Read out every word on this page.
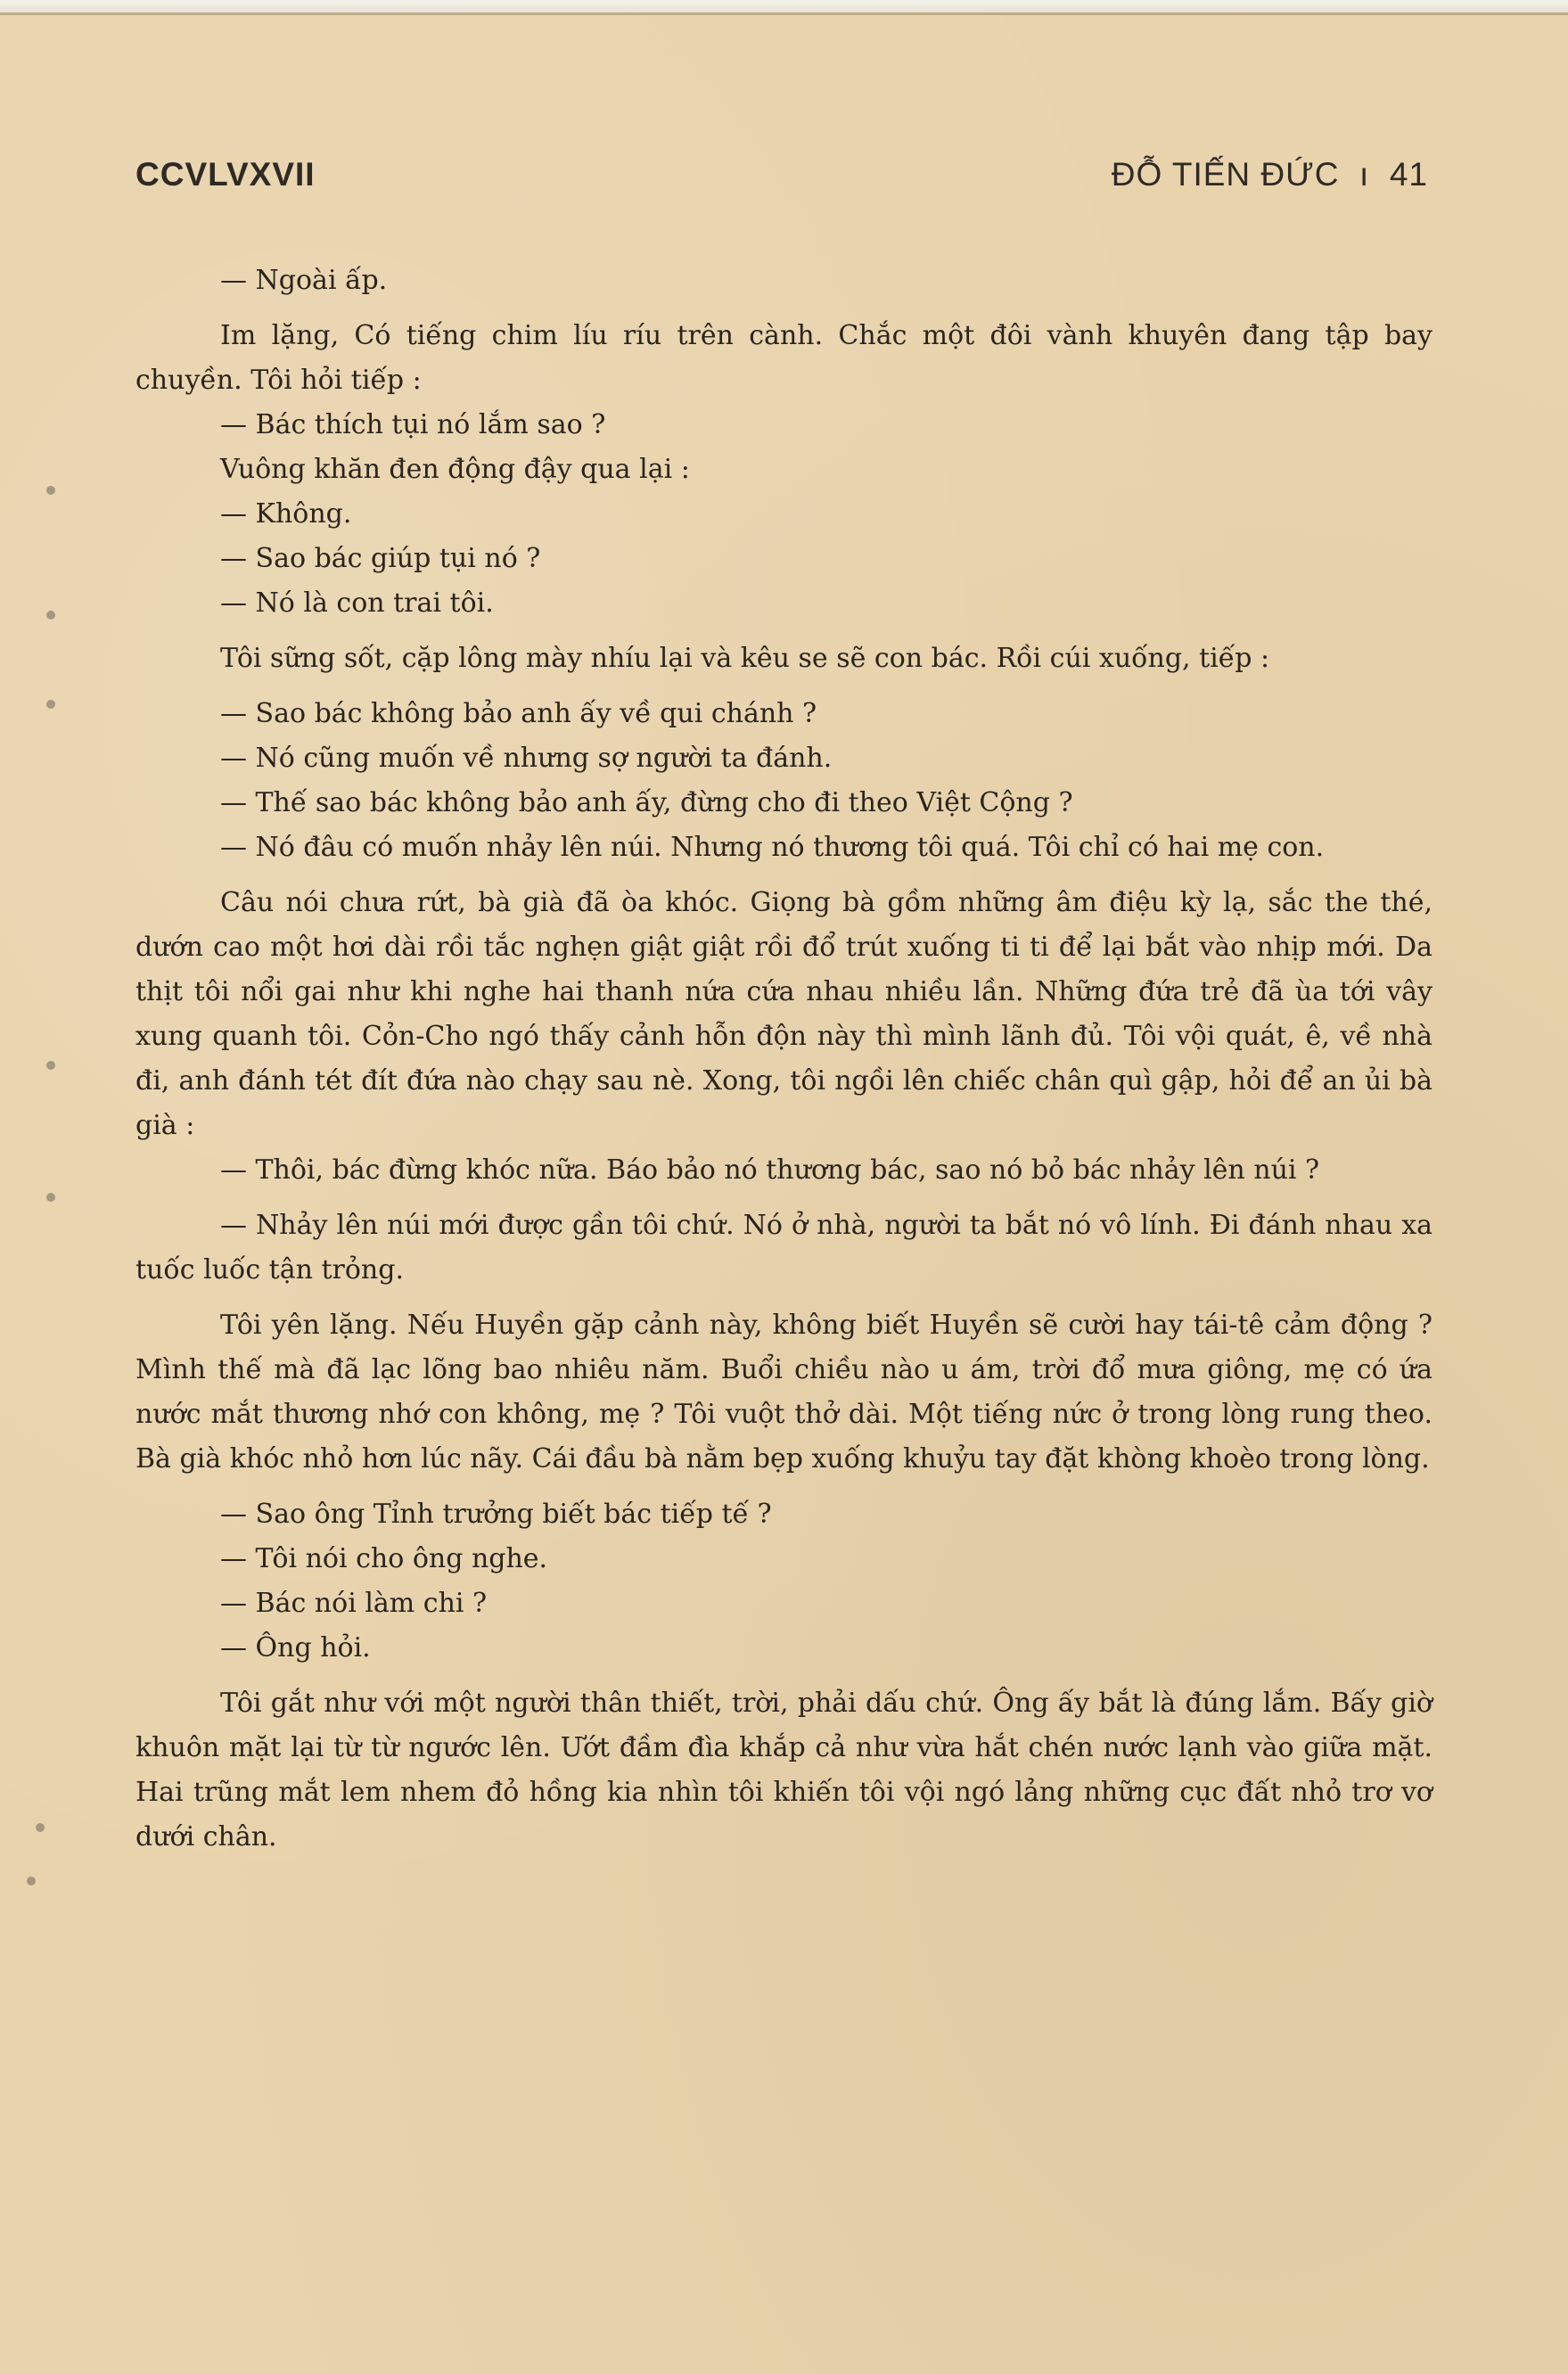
CCVLVXVII	ĐỖ TIẾN ĐỨC  ı  41

— Ngoài ấp.

Im lặng, Có tiếng chim líu ríu trên cành. Chắc một đôi vành khuyên đang tập bay chuyền. Tôi hỏi tiếp :

— Bác thích tụi nó lắm sao ?

Vuông khăn đen động đậy qua lại :

— Không.

— Sao bác giúp tụi nó ?

— Nó là con trai tôi.

Tôi sững sốt, cặp lông mày nhíu lại và kêu se sẽ con bác. Rồi cúi xuống, tiếp :

— Sao bác không bảo anh ấy về qui chánh ?

— Nó cũng muốn về nhưng sợ người ta đánh.

— Thế sao bác không bảo anh ấy, đừng cho đi theo Việt Cộng ?

— Nó đâu có muốn nhảy lên núi. Nhưng nó thương tôi quá. Tôi chỉ có hai mẹ con.

Câu nói chưa rứt, bà già đã òa khóc. Giọng bà gồm những âm điệu kỳ lạ, sắc the thé, dướn cao một hơi dài rồi tắc nghẹn giật giật rồi đổ trút xuống ti ti để lại bắt vào nhịp mới. Da thịt tôi nổi gai như khi nghe hai thanh nứa cứa nhau nhiều lần. Những đứa trẻ đã ùa tới vây xung quanh tôi. Cỏn-Cho ngó thấy cảnh hỗn độn này thì mình lãnh đủ. Tôi vội quát, ê, về nhà đi, anh đánh tét đít đứa nào chạy sau nè. Xong, tôi ngồi lên chiếc chân quì gập, hỏi để an ủi bà già :

— Thôi, bác đừng khóc nữa. Báo bảo nó thương bác, sao nó bỏ bác nhảy lên núi ?

— Nhảy lên núi mới được gần tôi chứ. Nó ở nhà, người ta bắt nó vô lính. Đi đánh nhau xa tuốc luốc tận trỏng.

Tôi yên lặng. Nếu Huyền gặp cảnh này, không biết Huyền sẽ cười hay tái-tê cảm động ? Mình thế mà đã lạc lõng bao nhiêu năm. Buổi chiều nào u ám, trời đổ mưa giông, mẹ có ứa nước mắt thương nhớ con không, mẹ ? Tôi vuột thở dài. Một tiếng nức ở trong lòng rung theo. Bà già khóc nhỏ hơn lúc nãy. Cái đầu bà nằm bẹp xuống khuỷu tay đặt khòng khoèo trong lòng.

— Sao ông Tỉnh trưởng biết bác tiếp tế ?

— Tôi nói cho ông nghe.

— Bác nói làm chi ?

— Ông hỏi.

Tôi gắt như với một người thân thiết, trời, phải dấu chứ. Ông ấy bắt là đúng lắm. Bấy giờ khuôn mặt lại từ từ ngước lên. Ướt đầm đìa khắp cả như vừa hắt chén nước lạnh vào giữa mặt. Hai trũng mắt lem nhem đỏ hồng kia nhìn tôi khiến tôi vội ngó lảng những cục đất nhỏ trơ vơ dưới chân.
